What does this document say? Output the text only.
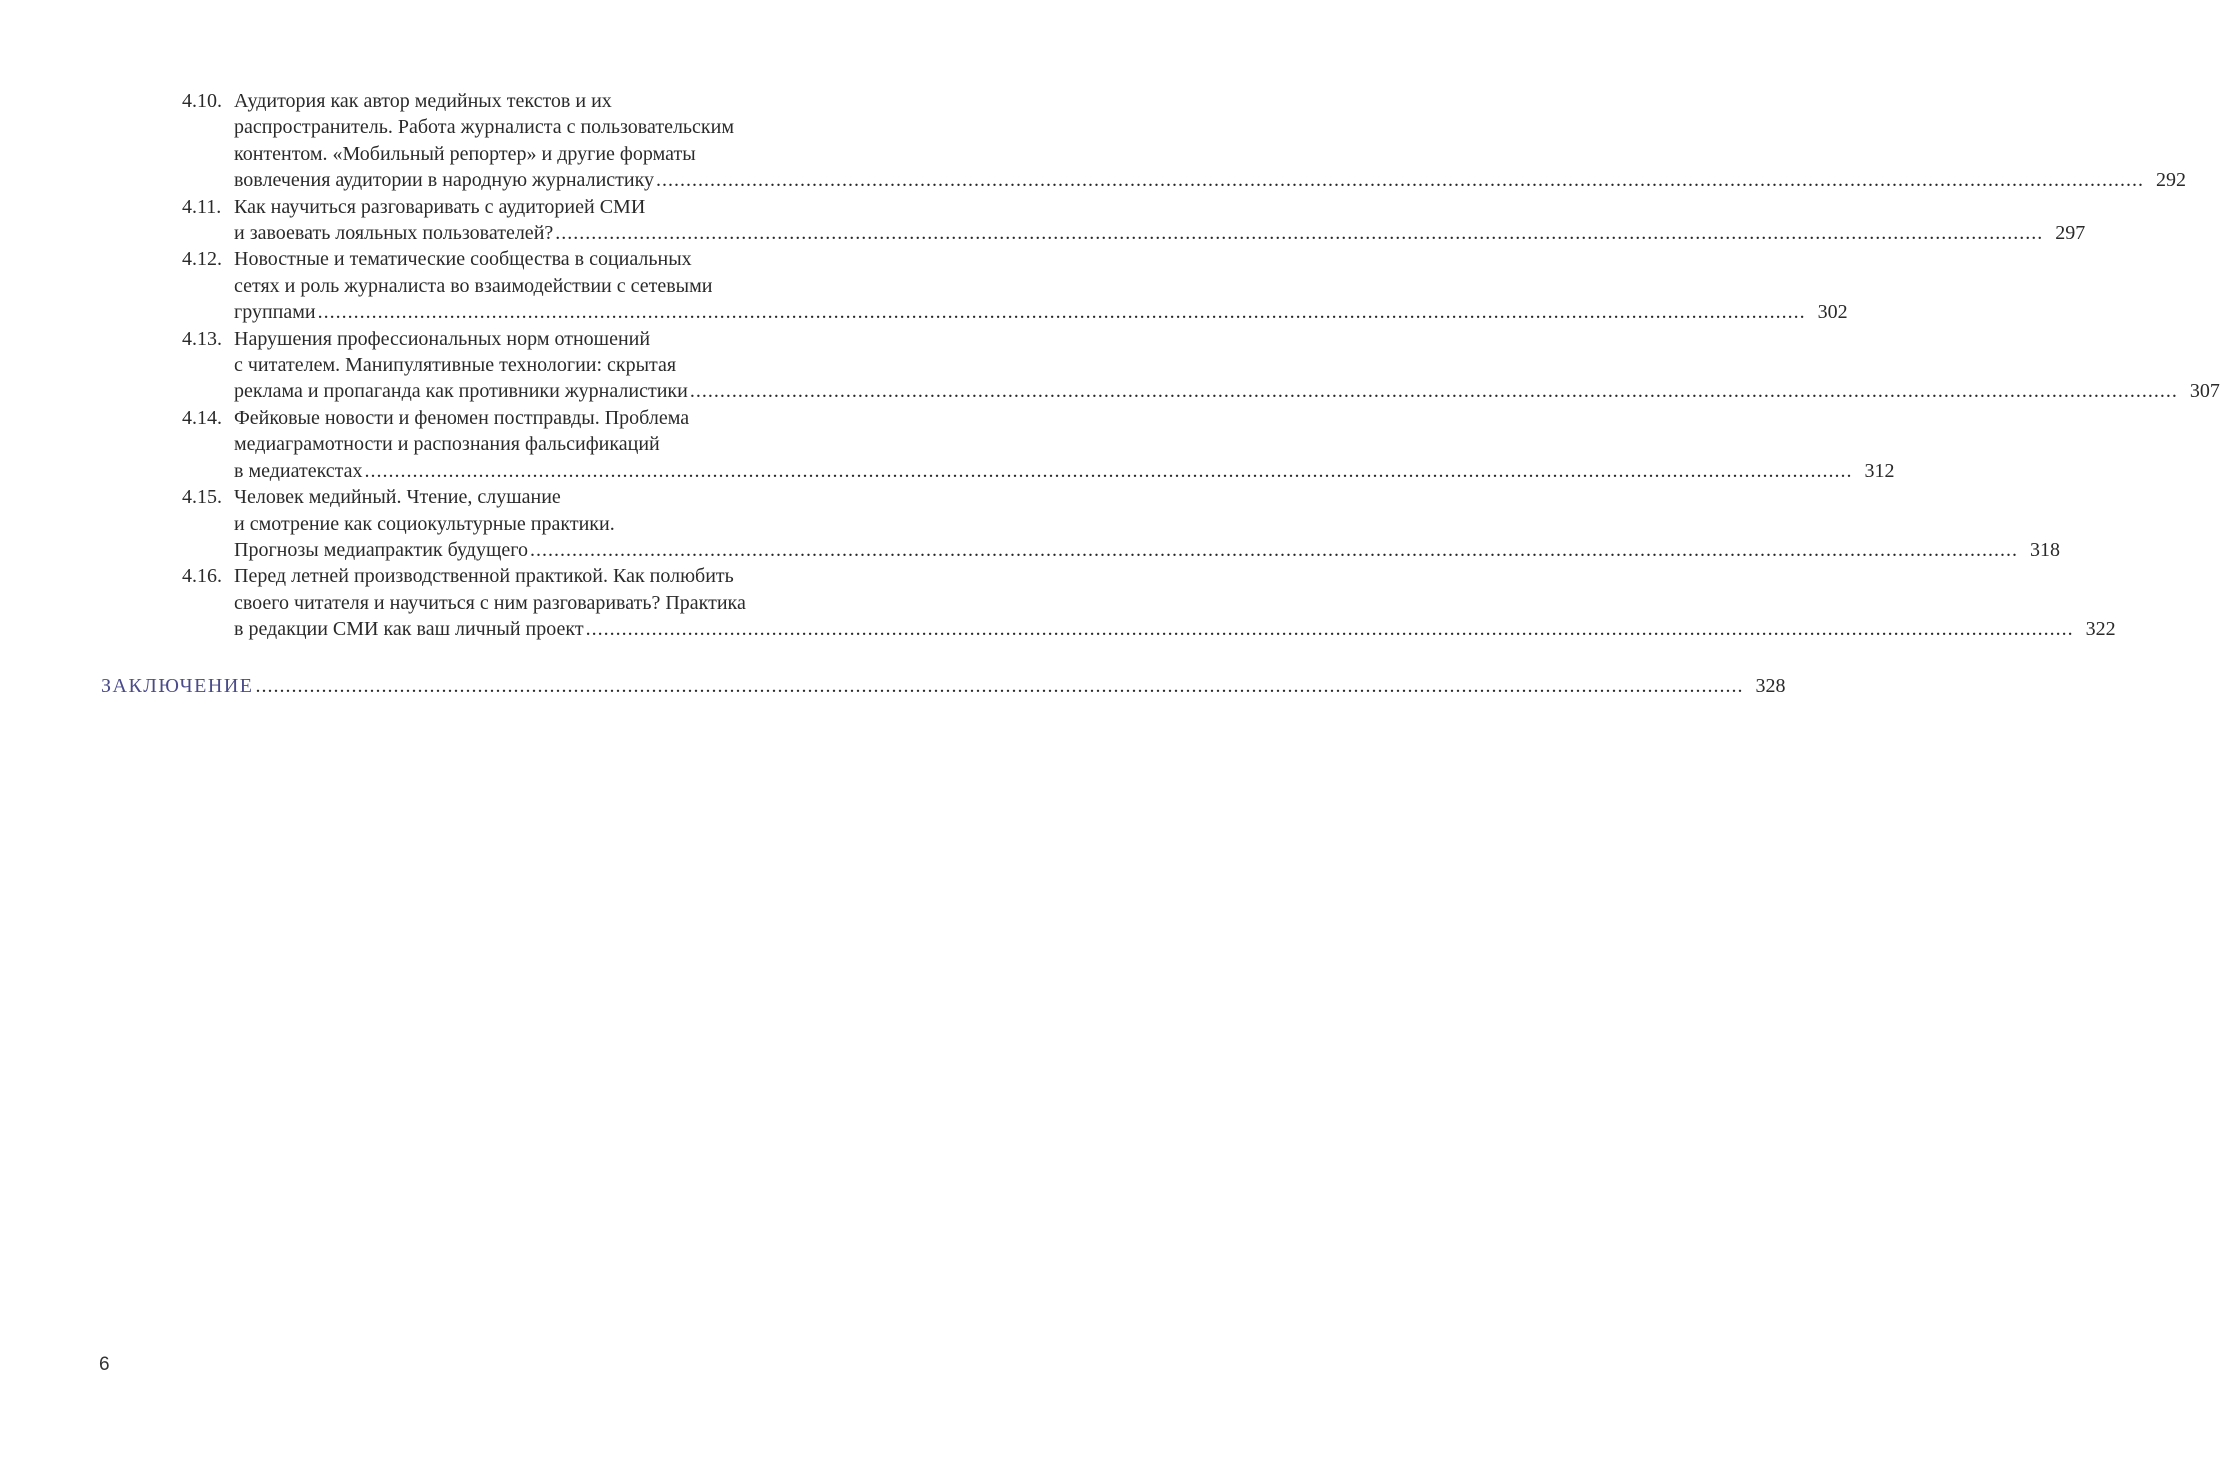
4.10. Аудитория как автор медийных текстов и их
распространитель. Работа журналиста с пользовательским
контентом. «Мобильный репортер» и другие форматы
вовлечения аудитории в народную журналистику .....	292
4.11. Как научиться разговаривать с аудиторией СМИ
и завоевать лояльных пользователей? .....	297
4.12. Новостные и тематические сообщества в социальных
сетях и роль журналиста во взаимодействии с сетевыми
группами .....	302
4.13. Нарушения профессиональных норм отношений
с читателем. Манипулятивные технологии: скрытая
реклама и пропаганда как противники журналистики .....	307
4.14. Фейковые новости и феномен постправды. Проблема
медиаграмотности и распознания фальсификаций
в медиатекстах .....	312
4.15. Человек медийный. Чтение, слушание
и смотрение как социокультурные практики.
Прогнозы медиапрактик будущего .....	318
4.16. Перед летней производственной практикой. Как полюбить
своего читателя и научиться с ним разговаривать? Практика
в редакции СМИ как ваш личный проект .....	322
ЗАКЛЮЧЕНИЕ .....	328
6
